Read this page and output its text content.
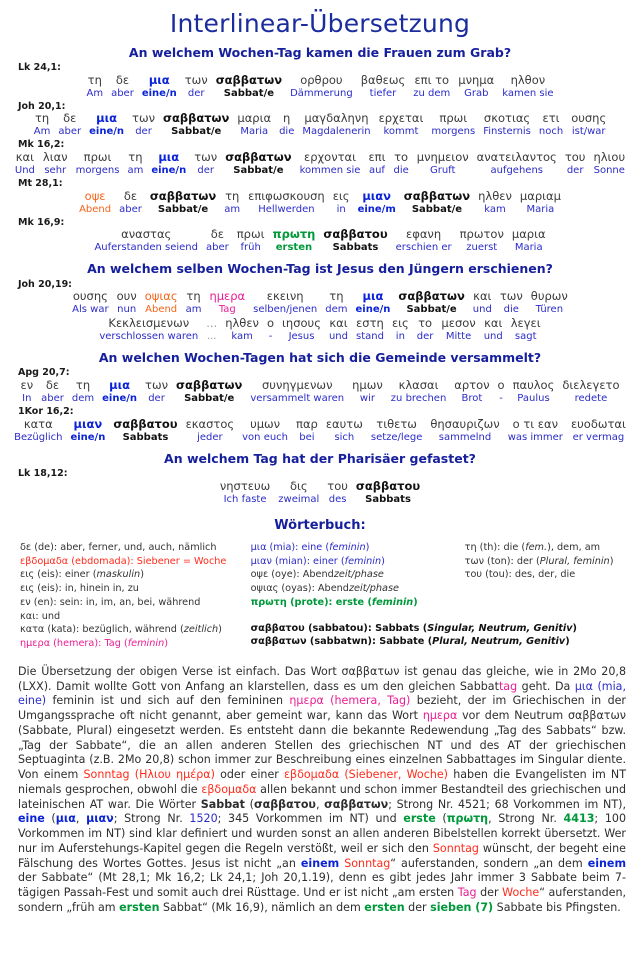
Interlinear-Übersetzung
An welchem Wochen-Tag kamen die Frauen zum Grab?
Lk 24,1:
τη	δε	μια	των	σαββατων	ορθρου	βαθεως	επι το	μνημα	ηλθον
Am	aber	eine/n	der	Sabbat/e	Dämmerung	tiefer	zu dem	Grab	kamen sie
Joh 20,1:
τη	δε	μια	των	σαββατων	μαρια	η	μαγδαληνη	ερχεται	πρωι	σκοτιας	ετι	ουσης
Am	aber	eine/n	der	Sabbat/e	Maria	die	Magdalenerin	kommt	morgens	Finsternis	noch	ist/war
Mk 16,2:
και	λιαν	πρωι	τη	μια	των	σαββατων	ερχονται	επι	το	μνημειον	ανατειλαντος	του	ηλιου
Und	sehr	morgens	am	eine/n	der	Sabbat/e	kommen sie	auf	die	Gruft	aufgehens	der	Sonne
Mt 28,1:
οψε	δε	σαββατων	τη	επιφωσκουση	εις	μιαν	σαββατων	ηλθεν	μαριαμ
Abend	aber	Sabbat/e	am	Hellwerden	in	eine/m	Sabbat/e	kam	Maria
Mk 16,9:
αναστας	δε	πρωι	πρωτη	σαββατου	εφανη	πρωτον	μαρια
Auferstanden seiend	aber	früh	ersten	Sabbats	erschien er	zuerst	Maria
An welchem selben Wochen-Tag ist Jesus den Jüngern erschienen?
Joh 20,19:
ουσης	ουν	οψιας	τη	ημερα	εκεινη	τη	μια	σαββατων	και	των	θυρων
Als war	nun	Abend	am	Tag	selben/jenen	dem	eine/n	Sabbat/e	und	die	Türen
Κεκλεισμενων	...	ηλθεν	ο	ιησους	και	εστη	εις	το	μεσον	και	λεγει
verschlossen waren	...	kam	-	Jesus	und	stand	in	der	Mitte	und	sagt
An welchen Wochen-Tagen hat sich die Gemeinde versammelt?
Apg 20,7:
εν	δε	τη	μια	των	σαββατων	συνηγμενων	ημων	κλασαι	αρτον	ο	παυλος	διελεγετο
In	aber	dem	eine/n	der	Sabbat/e	versammelt waren	wir	zu brechen	Brot	-	Paulus	redete
1Kor 16,2:
κατα	μιαν	σαββατου	εκαστος	υμων	παρ	εαυτω	τιθετω	θησαυριζων	ο τι εαν	ευοδωται
Bezüglich	eine/n	Sabbats	jeder	von euch	bei	sich	setze/lege	sammelnd	was immer	er vermag
An welchem Tag hat der Pharisäer gefastet?
Lk 18,12:
νηστευω	δις	του	σαββατου
Ich faste	zweimal	des	Sabbats
Wörterbuch:
δε (de): aber, ferner, und, auch, nämlich
εβδομαδα (ebdomada): Siebener = Woche
εις (eis): einer (maskulin)
εις (eis): in, hinein in, zu
εν (en): sein: in, im, an, bei, während
και: und
κατα (kata): bezüglich, während (zeitlich)
ημερα (hemera): Tag (feminin)
μια (mia): eine (feminin)
μιαν (mian): einer (feminin)
οψε (oye): Abendzeit/phase
οψιας (oyas): Abendzeit/phase
πρωτη (prote): erste (feminin)
σαββατου (sabbatou): Sabbats (Singular, Neutrum, Genitiv)
σαββατων (sabbatwn): Sabbate (Plural, Neutrum, Genitiv)
τη (th): die (fem.), dem, am
των (ton): der (Plural, feminin)
του (tou): des, der, die
Die Übersetzung der obigen Verse ist einfach. Das Wort σαββατων ist genau das gleiche, wie in 2Mo 20,8 (LXX). Damit wollte Gott von Anfang an klarstellen, dass es um den gleichen Sabbattag geht. Da μια (mia, eine) feminin ist und sich auf den femininen ημερα (hemera, Tag) bezieht, der im Griechischen in der Umgangssprache oft nicht genannt, aber gemeint war, kann das Wort ημερα vor dem Neutrum σαββατων (Sabbate, Plural) eingesetzt werden. Es entsteht dann die bekannte Redewendung „Tag des Sabbats“ bzw. „Tag der Sabbate“, die an allen anderen Stellen des griechischen NT und des AT der griechischen Septuaginta (z.B. 2Mo 20,8) schon immer zur Beschreibung eines einzelnen Sabbattages im Singular diente. Von einem Sonntag (Ηλιου ημέρα) oder einer εβδομαδα (Siebener, Woche) haben die Evangelisten im NT niemals gesprochen, obwohl die εβδομαδα allen bekannt und schon immer Bestandteil des griechischen und lateinischen AT war. Die Wörter Sabbat (σαββατου, σαββατων; Strong Nr. 4521; 68 Vorkommen im NT), eine (μια, μιαν; Strong Nr. 1520; 345 Vorkommen im NT) und erste (πρωτη, Strong Nr. 4413; 100 Vorkommen im NT) sind klar definiert und wurden sonst an allen anderen Bibelstellen korrekt übersetzt. Wer nur im Auferstehungs-Kapitel gegen die Regeln verstößt, weil er sich den Sonntag wünscht, der begeht eine Fälschung des Wortes Gottes. Jesus ist nicht „an einem Sonntag“ auferstanden, sondern „an dem einem der Sabbate“ (Mt 28,1; Mk 16,2; Lk 24,1; Joh 20,1.19), denn es gibt jedes Jahr immer 3 Sabbate beim 7-tägigen Passah-Fest und somit auch drei Rüsttage. Und er ist nicht „am ersten Tag der Woche“ auferstanden, sondern „früh am ersten Sabbat“ (Mk 16,9), nämlich an dem ersten der sieben (7) Sabbate bis Pfingsten.
